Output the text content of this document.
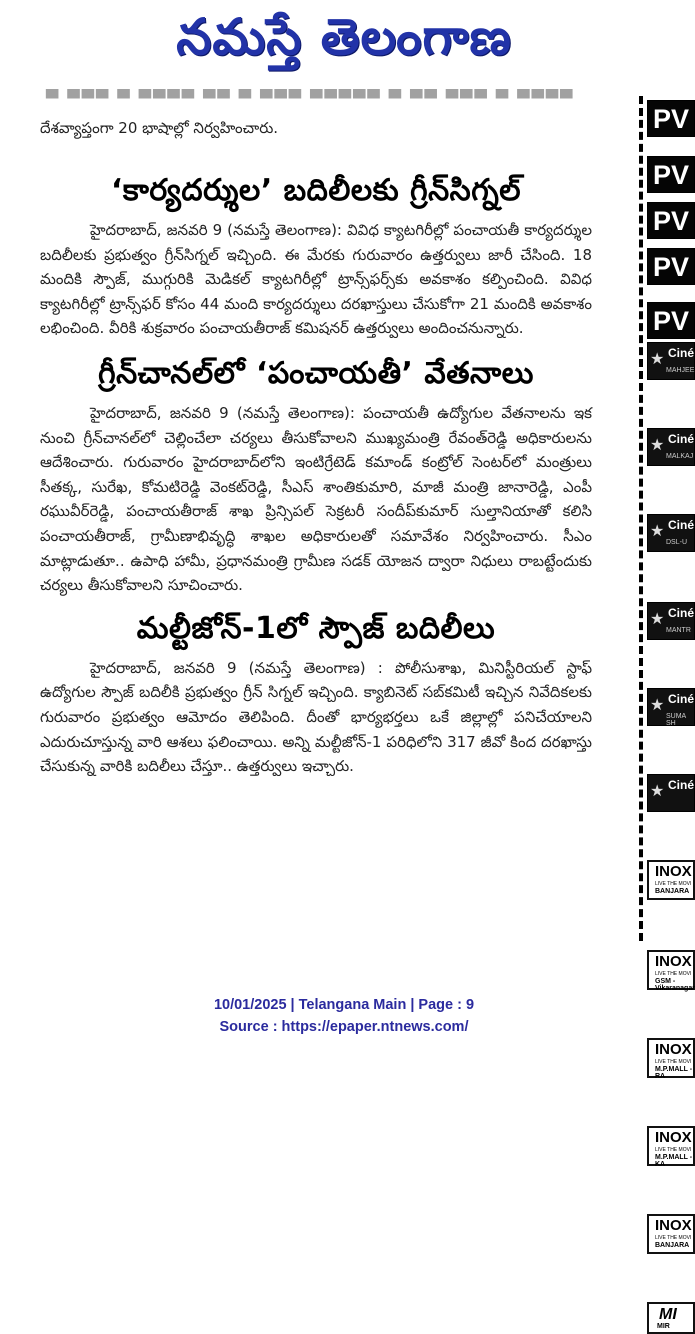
నమస్తే తెలంగాణ
▀ ▀▀▀ ▀ ▀▀▀▀ ▀▀ ▀ ▀▀▀ ▀▀▀▀▀ ▀ ▀▀ ▀▀▀ ▀ ▀▀▀▀

దేశవ్యాప్తంగా 20 భాషాల్లో నిర్వహించారు.

‘కార్యదర్శుల’ బదిలీలకు గ్రీన్‌సిగ్నల్

హైదరాబాద్, జనవరి 9 (నమస్తే తెలంగాణ): వివిధ క్యాటగిరీల్లో పంచాయతీ కార్యదర్శుల బదిలీలకు ప్రభుత్వం గ్రీన్‌సిగ్నల్ ఇచ్చింది. ఈ మేరకు గురువారం ఉత్తర్వులు జారీ చేసింది. 18 మందికి స్పౌజ్, ముగ్గురికి మెడికల్ క్యాటగిరీల్లో ట్రాన్స్‌ఫర్స్‌కు అవకాశం కల్పించింది. వివిధ క్యాటగిరీల్లో ట్రాన్స్‌ఫర్ కోసం 44 మంది కార్యదర్శులు దరఖాస్తులు చేసుకోగా 21 మందికి అవకాశం లభించింది. వీరికి శుక్రవారం పంచాయతీరాజ్ కమిషనర్ ఉత్తర్వులు అందించనున్నారు.

గ్రీన్‌చానల్‌లో ‘పంచాయతీ’ వేతనాలు

హైదరాబాద్, జనవరి 9 (నమస్తే తెలంగాణ): పంచాయతీ ఉద్యోగుల వేతనాలను ఇక నుంచి గ్రీన్‌చానల్‌లో చెల్లించేలా చర్యలు తీసుకోవాలని ముఖ్యమంత్రి రేవంత్‌రెడ్డి అధికారులను ఆదేశించారు. గురువారం హైదరాబాద్‌లోని ఇంటిగ్రేటెడ్ కమాండ్ కంట్రోల్ సెంటర్‌లో మంత్రులు సీతక్క, సురేఖ, కోమటిరెడ్డి వెంకట్‌రెడ్డి, సీఎస్ శాంతికుమారి, మాజీ మంత్రి జానారెడ్డి, ఎంపీ రఘువీర్‌రెడ్డి, పంచాయతీరాజ్ శాఖ ప్రిన్సిపల్ సెక్రటరీ సందీప్‌కుమార్ సుల్తానియాతో కలిసి పంచాయతీరాజ్, గ్రామీణాభివృద్ధి శాఖల అధికారులతో సమావేశం నిర్వహించారు. సీఎం మాట్లాడుతూ.. ఉపాధి హామీ, ప్రధానమంత్రి గ్రామీణ సడక్ యోజన ద్వారా నిధులు రాబట్టేందుకు చర్యలు తీసుకోవాలని సూచించారు.

మల్టీజోన్-1లో స్పౌజ్ బదిలీలు

హైదరాబాద్, జనవరి 9 (నమస్తే తెలంగాణ) : పోలీసుశాఖ, మినిస్టీరియల్ స్టాఫ్ ఉద్యోగుల స్పౌజ్ బదిలీకి ప్రభుత్వం గ్రీన్ సిగ్నల్ ఇచ్చింది. క్యాబినెట్ సబ్‌కమిటీ ఇచ్చిన నివేదికలకు గురువారం ప్రభుత్వం ఆమోదం తెలిపింది. దీంతో భార్యభర్తలు ఒకే జిల్లాల్లో పనిచేయాలని ఎదురుచూస్తున్న వారి ఆశలు ఫలించాయి. అన్ని మల్టీజోన్-1 పరిధిలోని 317 జీవో కింద దరఖాస్తు చేసుకున్న వారికి బదిలీలు చేస్తూ.. ఉత్తర్వులు ఇచ్చారు.

PV
PV
PV
PV
PV
★ Ciné
MAHJEE
★ Ciné
MALKAJ
★ Ciné
DSL-U
★ Ciné
MANTR
★ Ciné
SUMA SH
★ Ciné
INOX
LIVE THE MOVI
BANJARA
INOX
LIVE THE MOVI
GSM - Vikaranagar
INOX
LIVE THE MOVI
M.P.MALL - RA
INOX
LIVE THE MOVI
M.P.MALL - KA
INOX
LIVE THE MOVI
BANJARA
MI
MIR
10/01/2025 | Telangana Main | Page : 9
Source : https://epaper.ntnews.com/
